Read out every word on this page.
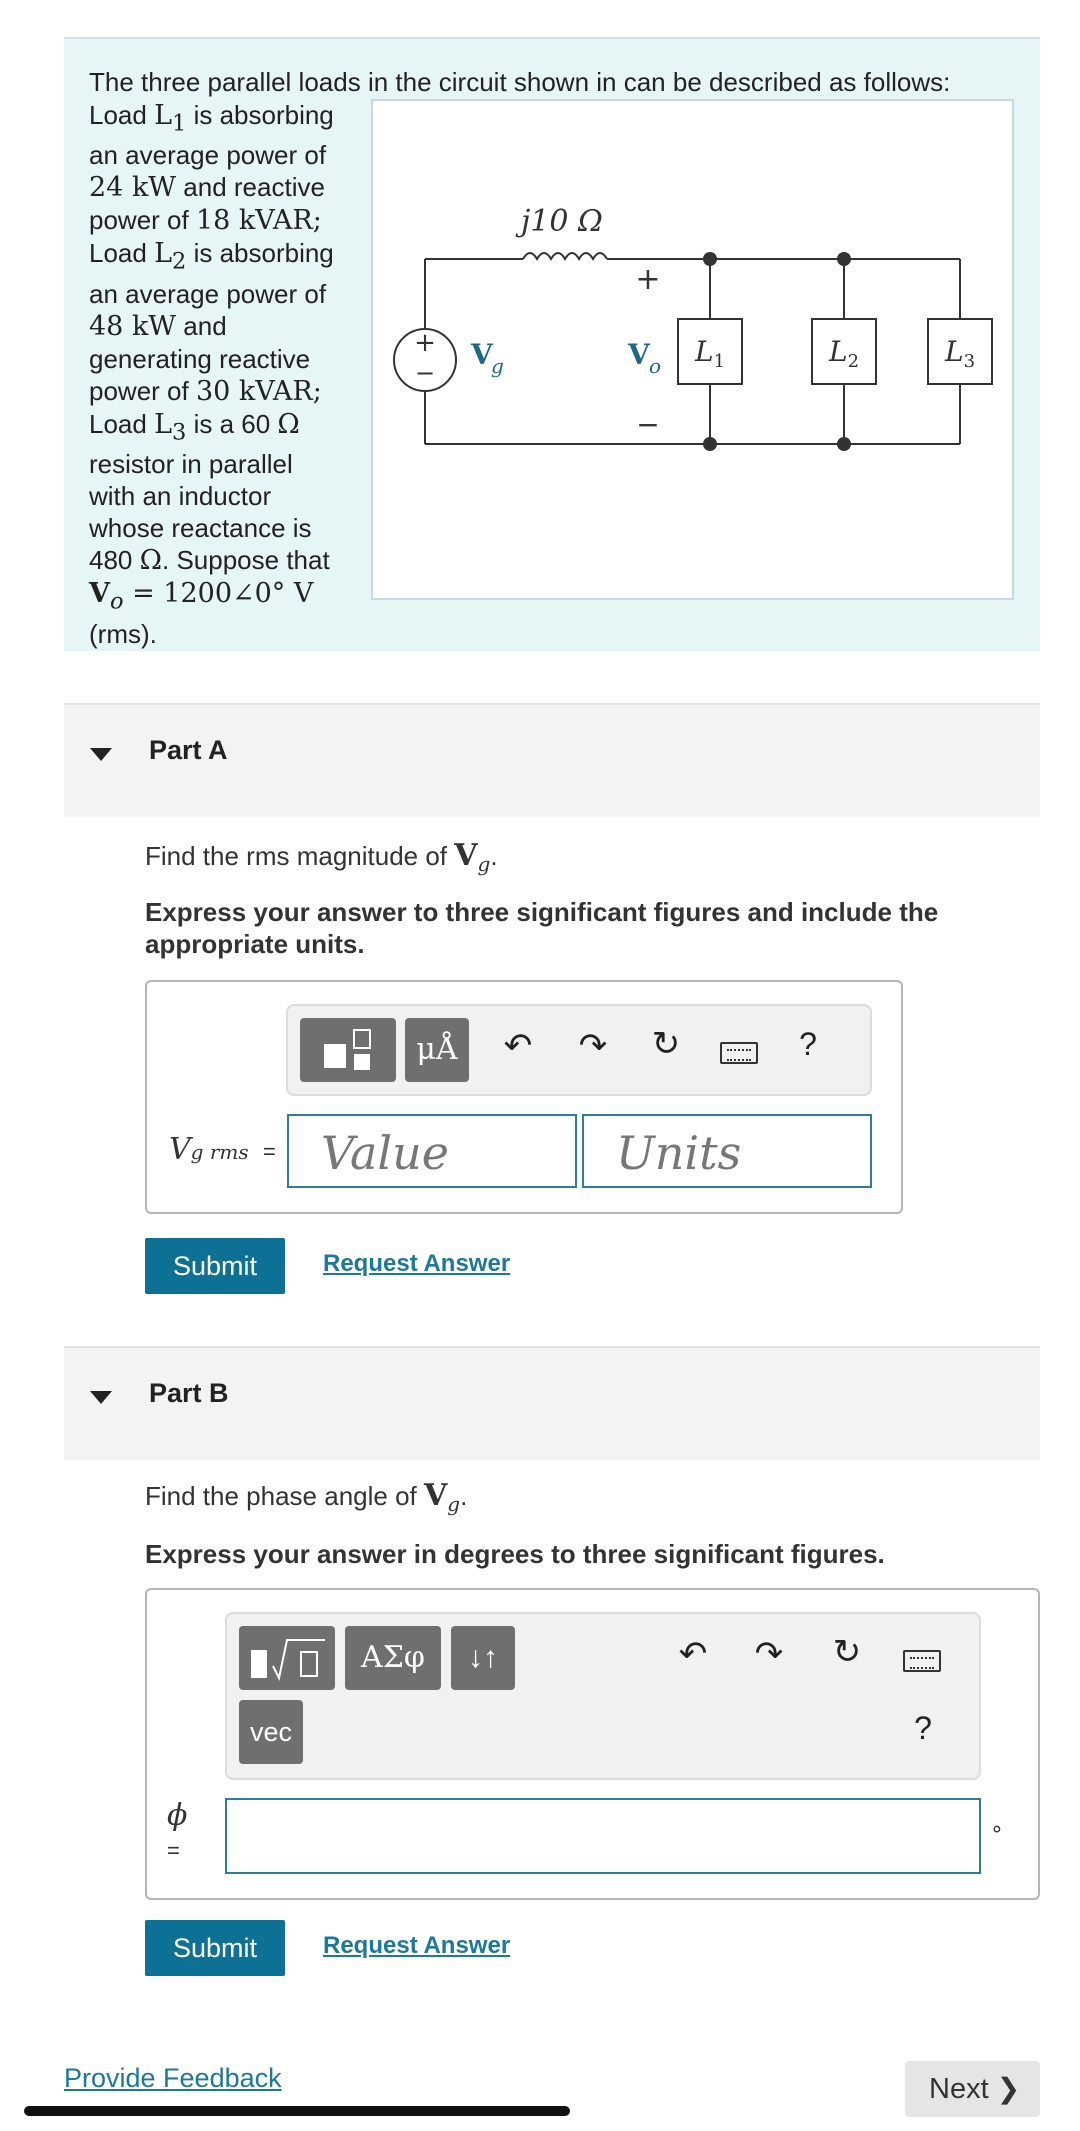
The three parallel loads in the circuit shown in can be described as follows:
Load $L_1$ is absorbing an average power of 24 kW and reactive power of 18 kVAR; Load $L_2$ is absorbing an average power of 48 kW and generating reactive power of 30 kVAR; Load $L_3$ is a 60 Ω resistor in parallel with an inductor whose reactance is 480 Ω. Suppose that $V_o$ = 1200∠0° V (rms).
+
−
j10 Ω
V
g
+
V o
−
$L_1$	$L_2$	$L_3$
Part A
Find the rms magnitude of $V_g$.
Express your answer to three significant figures and include the appropriate units.
μÅ	↶ ↷ ↻	?
Vg rms = Value	Units
Submit	Request Answer
Part B
Find the phase angle of $V_g$.
Express your answer in degrees to three significant figures.
ΑΣφ	↓↑
vec
↶ ↷ ↻
?
ϕ
=
∘
Submit	Request Answer
Provide Feedback	Next ❯
